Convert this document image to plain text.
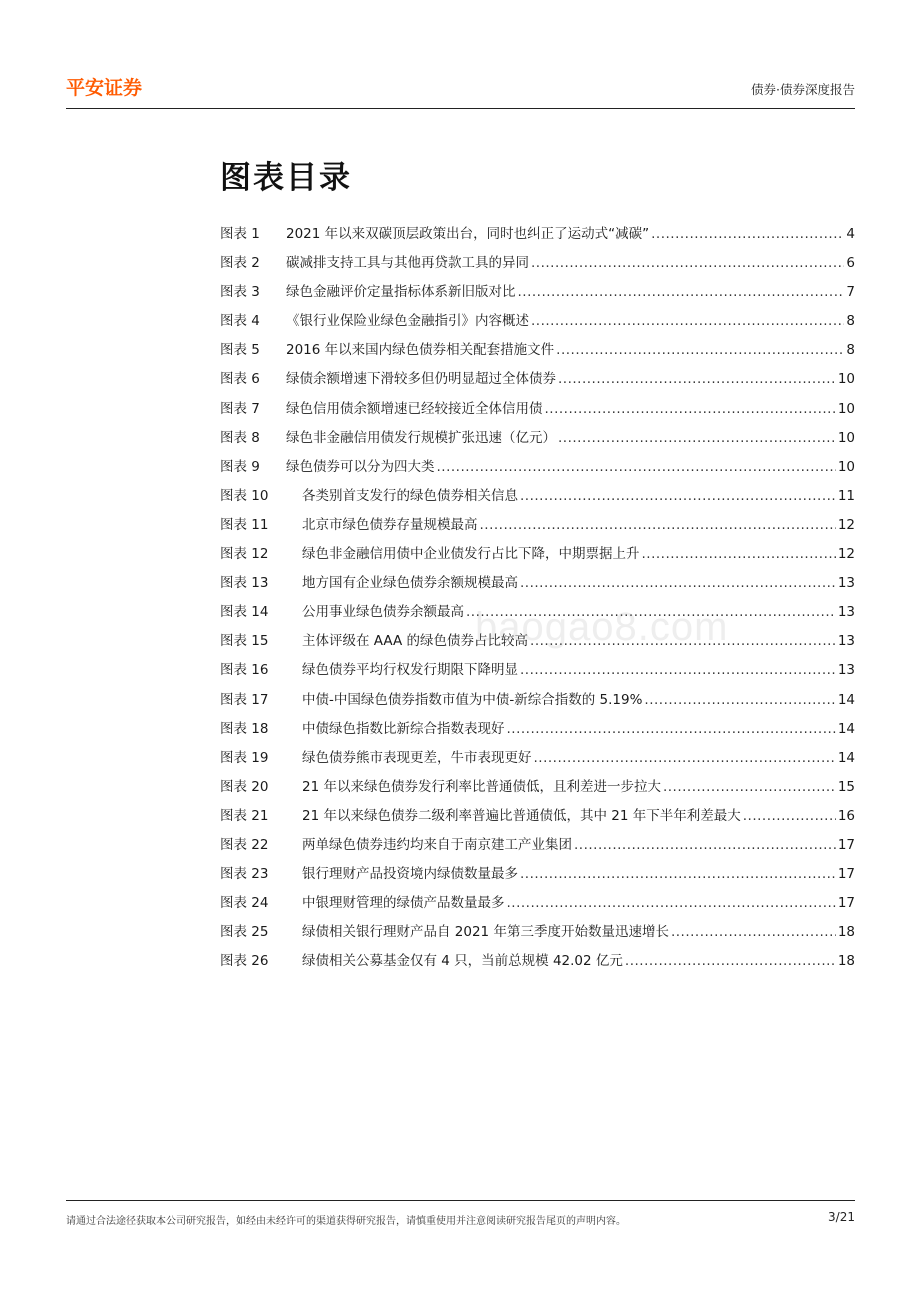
平安证券	债券·债券深度报告
图表目录
图表 1	2021 年以来双碳顶层政策出台，同时也纠正了运动式“减碳” .....	4
图表 2	碳减排支持工具与其他再贷款工具的异同 .....	6
图表 3	绿色金融评价定量指标体系新旧版对比 .....	7
图表 4	《银行业保险业绿色金融指引》内容概述 .....	8
图表 5	2016 年以来国内绿色债券相关配套措施文件 .....	8
图表 6	绿债余额增速下滑较多但仍明显超过全体债券 .....	10
图表 7	绿色信用债余额增速已经较接近全体信用债 .....	10
图表 8	绿色非金融信用债发行规模扩张迅速（亿元） .....	10
图表 9	绿色债券可以分为四大类 .....	10
图表 10	各类别首支发行的绿色债券相关信息 .....	11
图表 11	北京市绿色债券存量规模最高 .....	12
图表 12	绿色非金融信用债中企业债发行占比下降，中期票据上升 .....	12
图表 13	地方国有企业绿色债券余额规模最高 .....	13
图表 14	公用事业绿色债券余额最高 .....	13
图表 15	主体评级在 AAA 的绿色债券占比较高 .....	13
图表 16	绿色债券平均行权发行期限下降明显 .....	13
图表 17	中债-中国绿色债券指数市值为中债-新综合指数的 5.19% .....	14
图表 18	中债绿色指数比新综合指数表现好 .....	14
图表 19	绿色债券熊市表现更差，牛市表现更好 .....	14
图表 20	21 年以来绿色债券发行利率比普通债低，且利差进一步拉大 .....	15
图表 21	21 年以来绿色债券二级利率普遍比普通债低，其中 21 年下半年利差最大 .....	16
图表 22	两单绿色债券违约均来自于南京建工产业集团 .....	17
图表 23	银行理财产品投资境内绿债数量最多 .....	17
图表 24	中银理财管理的绿债产品数量最多 .....	17
图表 25	绿债相关银行理财产品自 2021 年第三季度开始数量迅速增长 .....	18
图表 26	绿债相关公募基金仅有 4 只，当前总规模 42.02 亿元 .....	18
baogao8.com
请通过合法途径获取本公司研究报告，如经由未经许可的渠道获得研究报告，请慎重使用并注意阅读研究报告尾页的声明内容。	3/21
